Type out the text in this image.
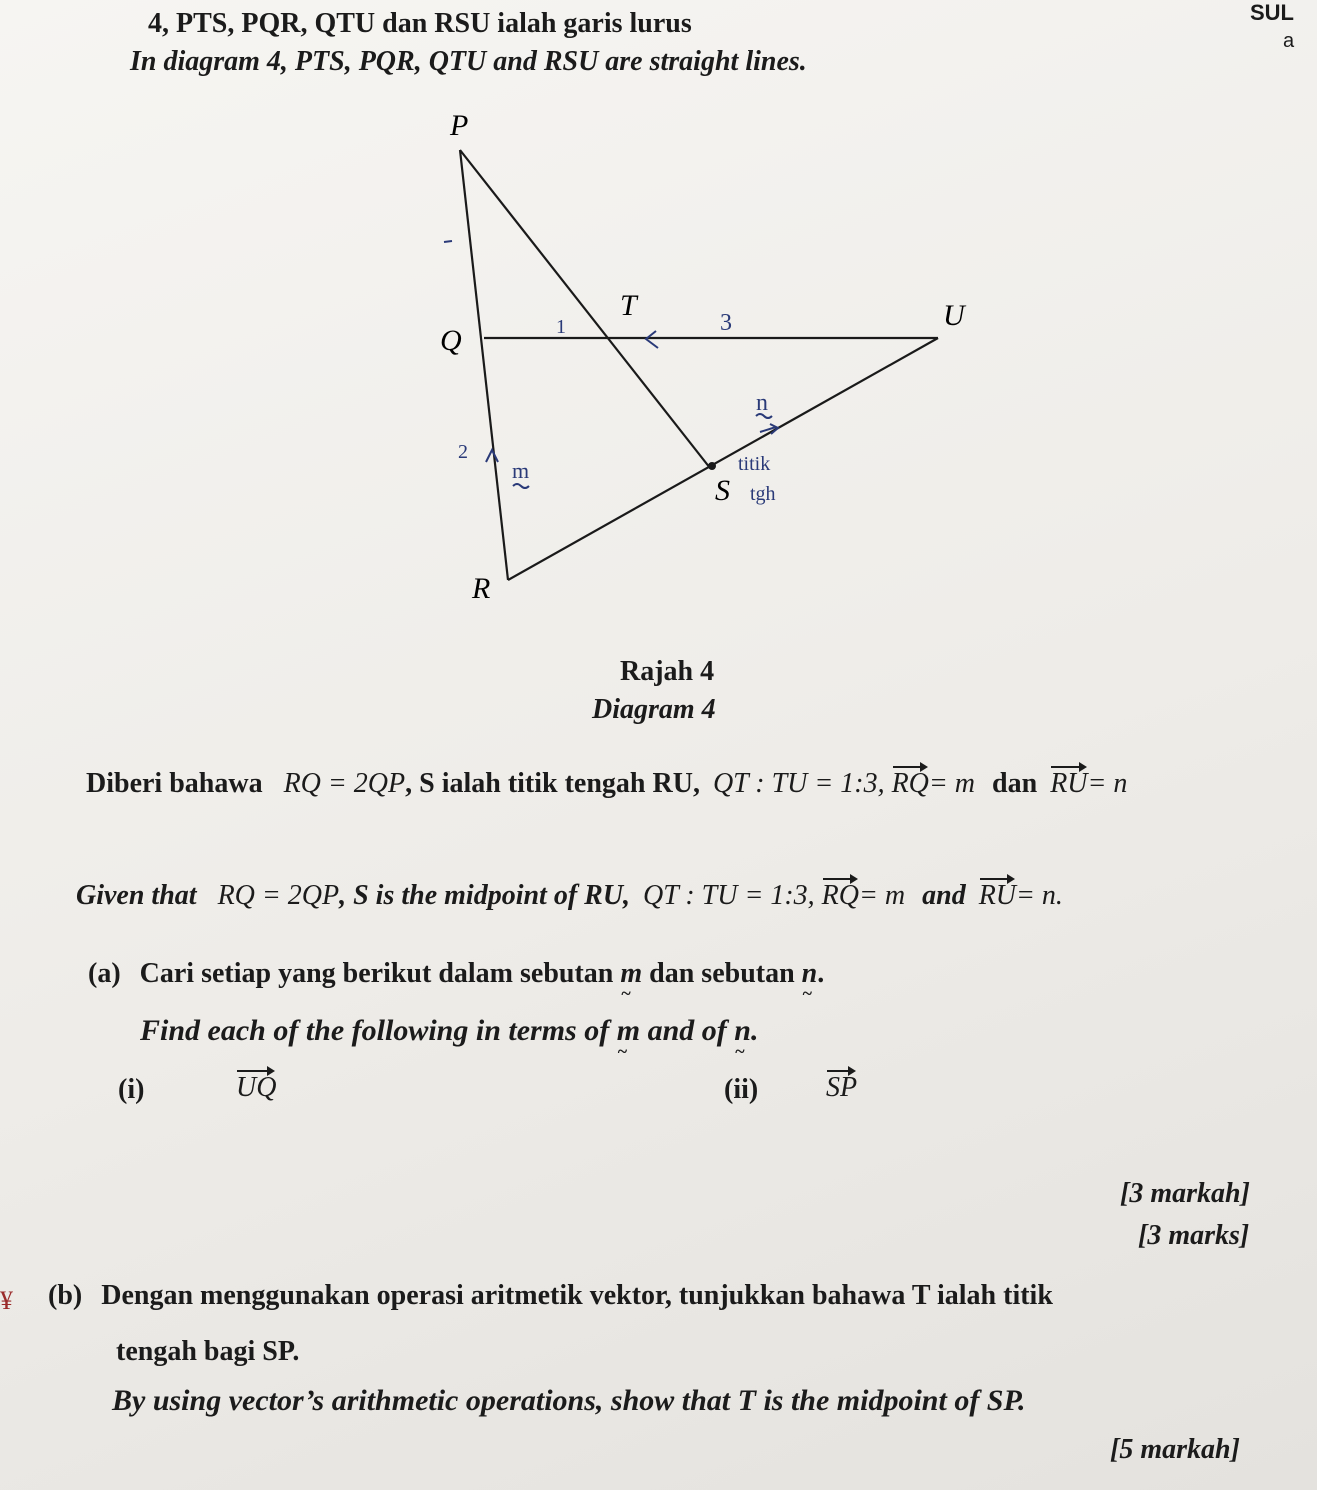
4, PTS, PQR, QTU dan RSU ialah garis lurus
In diagram 4, PTS, PQR, QTU and RSU are straight lines.
SUL
a
P
Q
T	U
S
R
1	3
n
2
m	titik
tgh
Rajah 4
Diagram 4
Diberi bahawa RQ = 2QP, S ialah titik tengah RU, QT : TU = 1:3, RQ= m dan RU= n
Given that RQ = 2QP, S is the midpoint of RU, QT : TU = 1:3, RQ= m and RU= n.
(a) Cari setiap yang berikut dalam sebutan m ~ dan sebutan n ~.
Find each of the following in terms of m ~ and of n ~.
(i)	UQ	(ii) SP
[3 markah]
[3 marks]
¥ (b) Dengan menggunakan operasi aritmetik vektor, tunjukkan bahawa T ialah titik
tengah bagi SP.
By using vector’s arithmetic operations, show that T is the midpoint of SP.
[5 markah]
